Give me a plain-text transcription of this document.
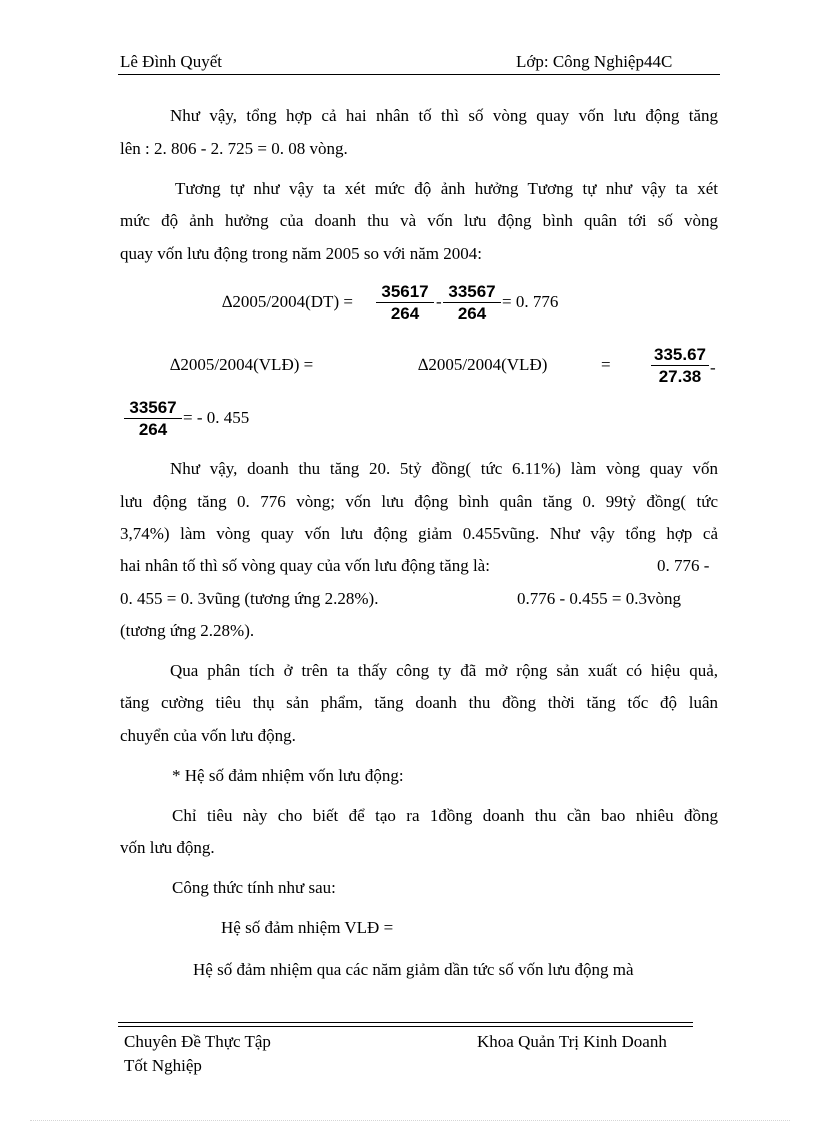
Lê Đình Quyết	Lớp: Công Nghiệp44C
Như vậy, tổng hợp cả hai nhân tố thì số vòng quay vốn lưu động tăng
lên : 2. 806 - 2. 725 = 0. 08 vòng.
Tương tự như vậy ta xét mức độ ảnh hưởng Tương tự như vậy ta xét
mức độ ảnh hưởng của doanh thu và vốn lưu động bình quân tới số vòng
quay vốn lưu động trong năm 2005 so với năm 2004:
$\Delta 2005/2004(DT) = \frac{35617}{264} - \frac{33567}{264} = 0$. 776
∆2005/2004(VLĐ) =	∆2005/2004(VLĐ)	= $\frac{335.67}{27.38}$ -
$\frac{33567}{264}$ = - 0. 455
Như vậy, doanh thu tăng 20. 5tỷ đồng( tức 6.11%) làm vòng quay vốn
lưu động tăng 0. 776 vòng; vốn lưu động bình quân tăng 0. 99tỷ đồng( tức
3,74%) làm vòng quay vốn lưu động giảm 0.455vũng. Như vậy tổng hợp cả
hai nhân tố thì số vòng quay của vốn lưu động tăng là:	0. 776 -
0. 455 = 0. 3vũng (tương ứng 2.28%).	0.776 - 0.455 = 0.3vòng
(tương ứng 2.28%).
Qua phân tích ở trên ta thấy công ty đã mở rộng sản xuất có hiệu quả,
tăng cường tiêu thụ sản phẩm, tăng doanh thu đồng thời tăng tốc độ luân
chuyển của vốn lưu động.
* Hệ số đảm nhiệm vốn lưu động:
Chỉ tiêu này cho biết để tạo ra 1đồng doanh thu cần bao nhiêu đồng
vốn lưu động.
Công thức tính như sau:
Hệ số đảm nhiệm VLĐ =
Hệ số đảm nhiệm qua các năm giảm dần tức số vốn lưu động mà
Chuyên Đề Thực Tập
Tốt Nghiệp
Khoa Quản Trị Kinh Doanh
